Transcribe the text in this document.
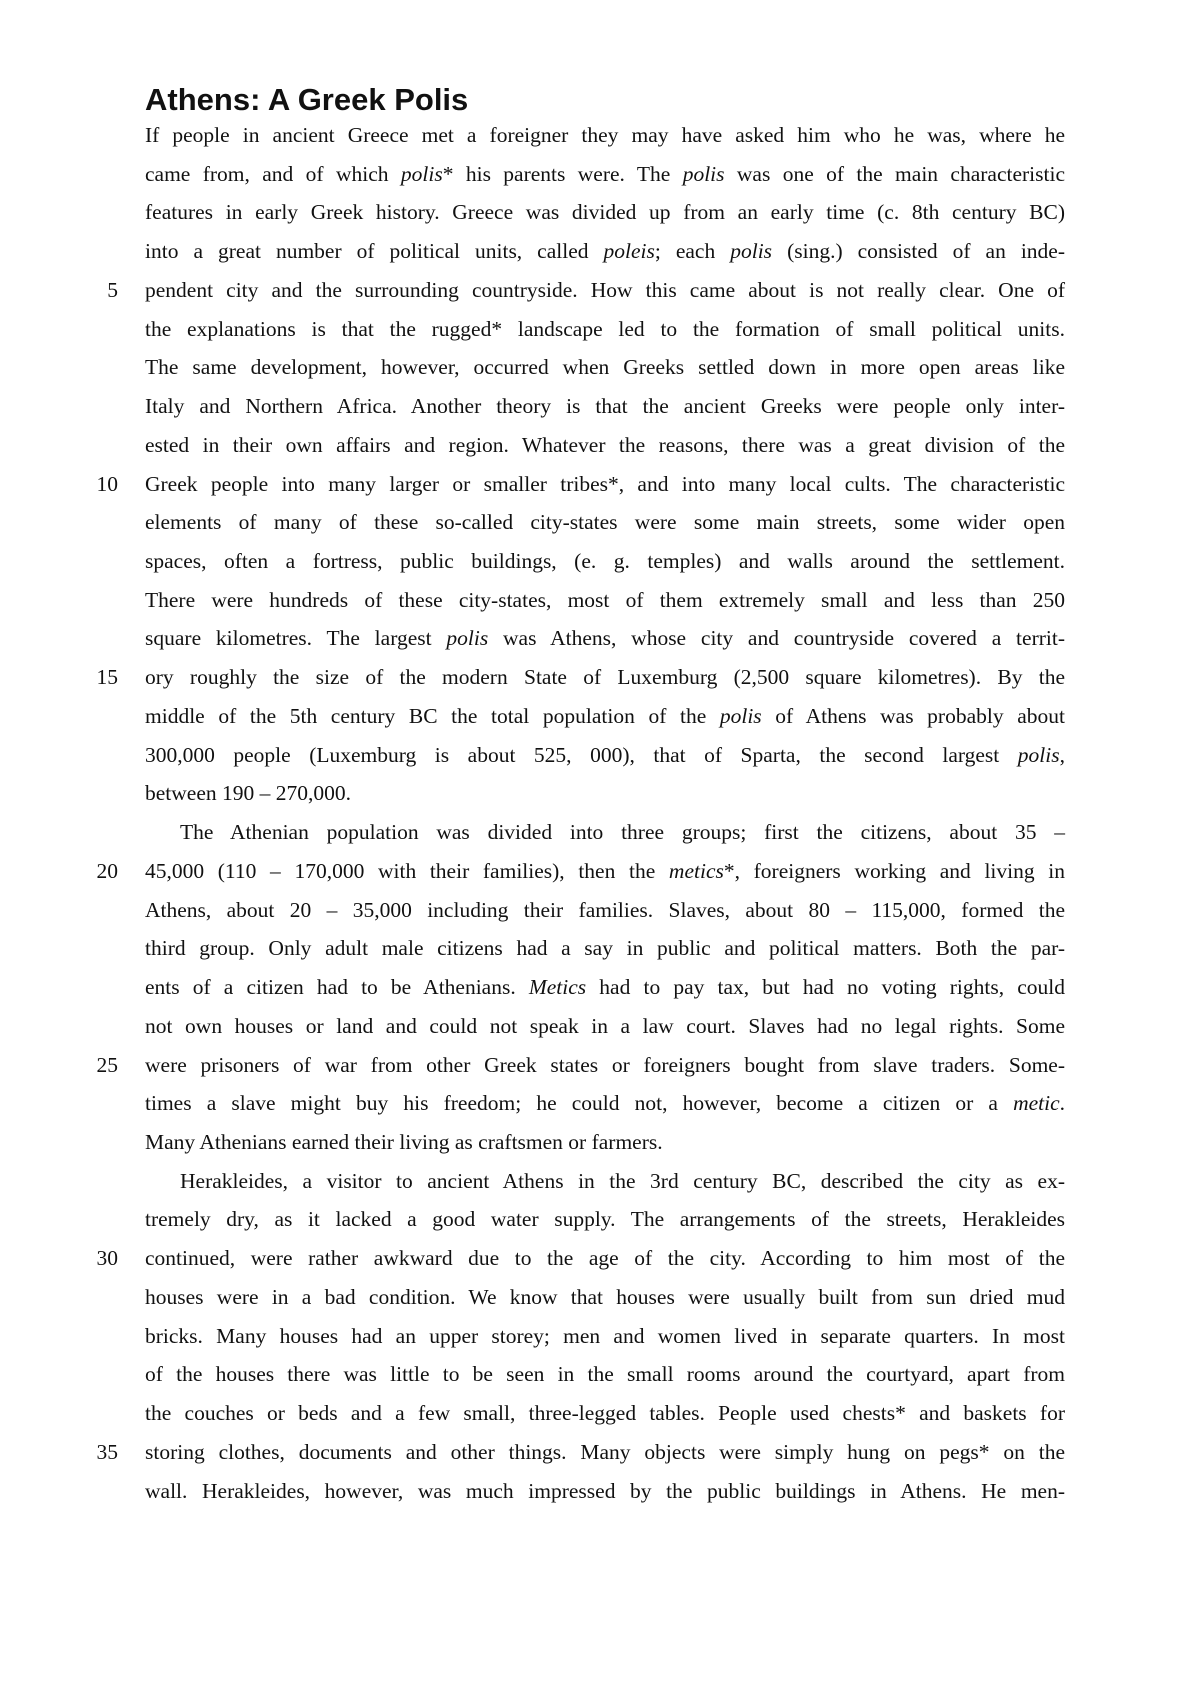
Athens: A Greek Polis
If people in ancient Greece met a foreigner they may have asked him who he was, where he
came from, and of which polis* his parents were. The polis was one of the main characteristic
features in early Greek history. Greece was divided up from an early time (c. 8th century BC)
into a great number of political units, called poleis; each polis (sing.) consisted of an inde-
pendent city and the surrounding countryside. How this came about is not really clear. One of
5
the explanations is that the rugged* landscape led to the formation of small political units.
The same development, however, occurred when Greeks settled down in more open areas like
Italy and Northern Africa. Another theory is that the ancient Greeks were people only inter-
ested in their own affairs and region. Whatever the reasons, there was a great division of the
Greek people into many larger or smaller tribes*, and into many local cults. The characteristic
10
elements of many of these so-called city-states were some main streets, some wider open
spaces, often a fortress, public buildings, (e. g. temples) and walls around the settlement.
There were hundreds of these city-states, most of them extremely small and less than 250
square kilometres. The largest polis was Athens, whose city and countryside covered a territ-
ory roughly the size of the modern State of Luxemburg (2,500 square kilometres). By the
15
middle of the 5th century BC the total population of the polis of Athens was probably about
300,000 people (Luxemburg is about 525, 000), that of Sparta, the second largest polis,
between 190 – 270,000.
The Athenian population was divided into three groups; first the citizens, about 35 –
45,000 (110 – 170,000 with their families), then the metics*, foreigners working and living in
20
Athens, about 20 – 35,000 including their families. Slaves, about 80 – 115,000, formed the
third group. Only adult male citizens had a say in public and political matters. Both the par-
ents of a citizen had to be Athenians. Metics had to pay tax, but had no voting rights, could
not own houses or land and could not speak in a law court. Slaves had no legal rights. Some
were prisoners of war from other Greek states or foreigners bought from slave traders. Some-
25
times a slave might buy his freedom; he could not, however, become a citizen or a metic.
Many Athenians earned their living as craftsmen or farmers.
Herakleides, a visitor to ancient Athens in the 3rd century BC, described the city as ex-
tremely dry, as it lacked a good water supply. The arrangements of the streets, Herakleides
continued, were rather awkward due to the age of the city. According to him most of the
30
houses were in a bad condition. We know that houses were usually built from sun dried mud
bricks. Many houses had an upper storey; men and women lived in separate quarters. In most
of the houses there was little to be seen in the small rooms around the courtyard, apart from
the couches or beds and a few small, three-legged tables. People used chests* and baskets for
storing clothes, documents and other things. Many objects were simply hung on pegs* on the
35
wall. Herakleides, however, was much impressed by the public buildings in Athens. He men-
